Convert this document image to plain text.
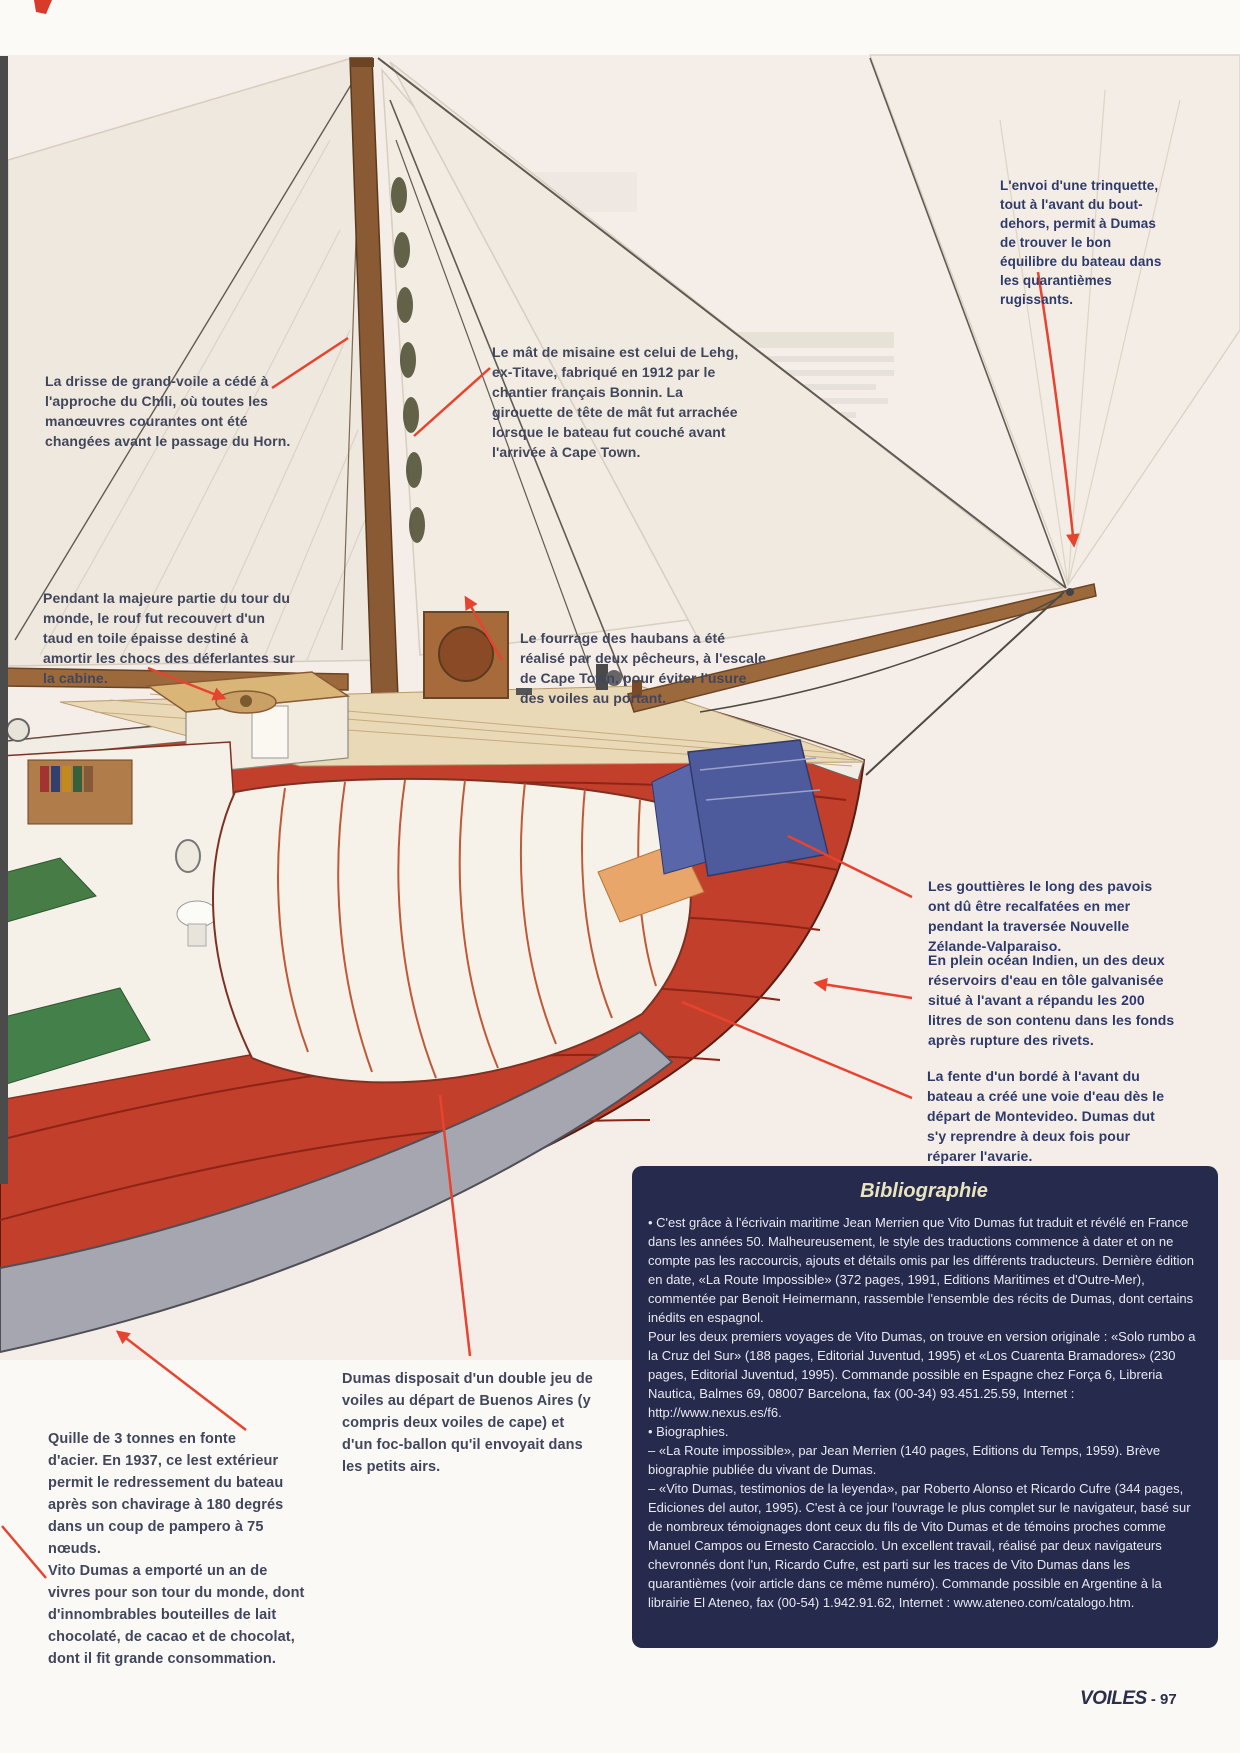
L'envoi d'une trinquette, tout à l'avant du bout-dehors, permit à Dumas de trouver le bon équilibre du bateau dans les quarantièmes rugissants.
La drisse de grand-voile a cédé à l'approche du Chili, où toutes les manœuvres courantes ont été changées avant le passage du Horn.
Le mât de misaine est celui de Lehg, ex-Titave, fabriqué en 1912 par le chantier français Bonnin. La girouette de tête de mât fut arrachée lorsque le bateau fut couché avant l'arrivée à Cape Town.
Pendant la majeure partie du tour du monde, le rouf fut recouvert d'un taud en toile épaisse destiné à amortir les chocs des déferlantes sur la cabine.
Le fourrage des haubans a été réalisé par deux pêcheurs, à l'escale de Cape Town, pour éviter l'usure des voiles au portant.
Les gouttières le long des pavois ont dû être recalfatées en mer pendant la traversée Nouvelle Zélande-Valparaiso.
En plein océan Indien, un des deux réservoirs d'eau en tôle galvanisée situé à l'avant a répandu les 200 litres de son contenu dans les fonds après rupture des rivets.
La fente d'un bordé à l'avant du bateau a créé une voie d'eau dès le départ de Montevideo. Dumas dut s'y reprendre à deux fois pour réparer l'avarie.
Quille de 3 tonnes en fonte d'acier. En 1937, ce lest extérieur permit le redressement du bateau après son chavirage à 180 degrés dans un coup de pampero à 75 nœuds.
Vito Dumas a emporté un an de vivres pour son tour du monde, dont d'innombrables bouteilles de lait chocolaté, de cacao et de chocolat, dont il fit grande consommation.
Dumas disposait d'un double jeu de voiles au départ de Buenos Aires (y compris deux voiles de cape) et d'un foc-ballon qu'il envoyait dans les petits airs.
Bibliographie

• C'est grâce à l'écrivain maritime Jean Merrien que Vito Dumas fut traduit et révélé en France dans les années 50. Malheureusement, le style des traductions commence à dater et on ne compte pas les raccourcis, ajouts et détails omis par les différents traducteurs. Dernière édition en date, «La Route Impossible» (372 pages, 1991, Editions Maritimes et d'Outre-Mer), commentée par Benoit Heimermann, rassemble l'ensemble des récits de Dumas, dont certains inédits en espagnol.

Pour les deux premiers voyages de Vito Dumas, on trouve en version originale : «Solo rumbo a la Cruz del Sur» (188 pages, Editorial Juventud, 1995) et «Los Cuarenta Bramadores» (230 pages, Editorial Juventud, 1995). Commande possible en Espagne chez Força 6, Libreria Nautica, Balmes 69, 08007 Barcelona, fax (00-34) 93.451.25.59, Internet : http://www.nexus.es/f6.

• Biographies.

– «La Route impossible», par Jean Merrien (140 pages, Editions du Temps, 1959). Brève biographie publiée du vivant de Dumas.

– «Vito Dumas, testimonios de la leyenda», par Roberto Alonso et Ricardo Cufre (344 pages, Ediciones del autor, 1995). C'est à ce jour l'ouvrage le plus complet sur le navigateur, basé sur de nombreux témoignages dont ceux du fils de Vito Dumas et de témoins proches comme Manuel Campos ou Ernesto Caracciolo. Un excellent travail, réalisé par deux navigateurs chevronnés dont l'un, Ricardo Cufre, est parti sur les traces de Vito Dumas dans les quarantièmes (voir article dans ce même numéro). Commande possible en Argentine à la librairie El Ateneo, fax (00-54) 1.942.91.62, Internet : www.ateneo.com/catalogo.htm.

VOILES - 97
